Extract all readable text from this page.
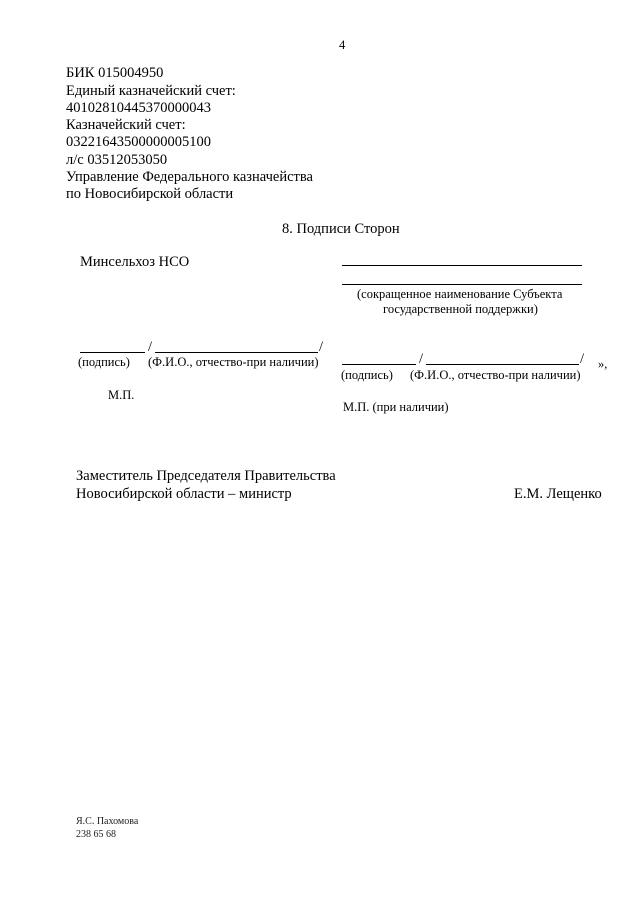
4
БИК 015004950
Единый казначейский счет:
40102810445370000043
Казначейский счет:
03221643500000005100
л/с 03512053050
Управление Федерального казначейства
по Новосибирской области
8. Подписи Сторон
Минсельхоз НСО
/	/
(подпись) (Ф.И.О., отчество-при наличии)
М.П.
(сокращенное наименование Субъекта
государственной поддержки)
/	/ »,
(подпись) (Ф.И.О., отчество-при наличии)
М.П. (при наличии)
Заместитель Председателя Правительства
Новосибирской области – министр	Е.М. Лещенко
Я.С. Пахомова
238 65 68
